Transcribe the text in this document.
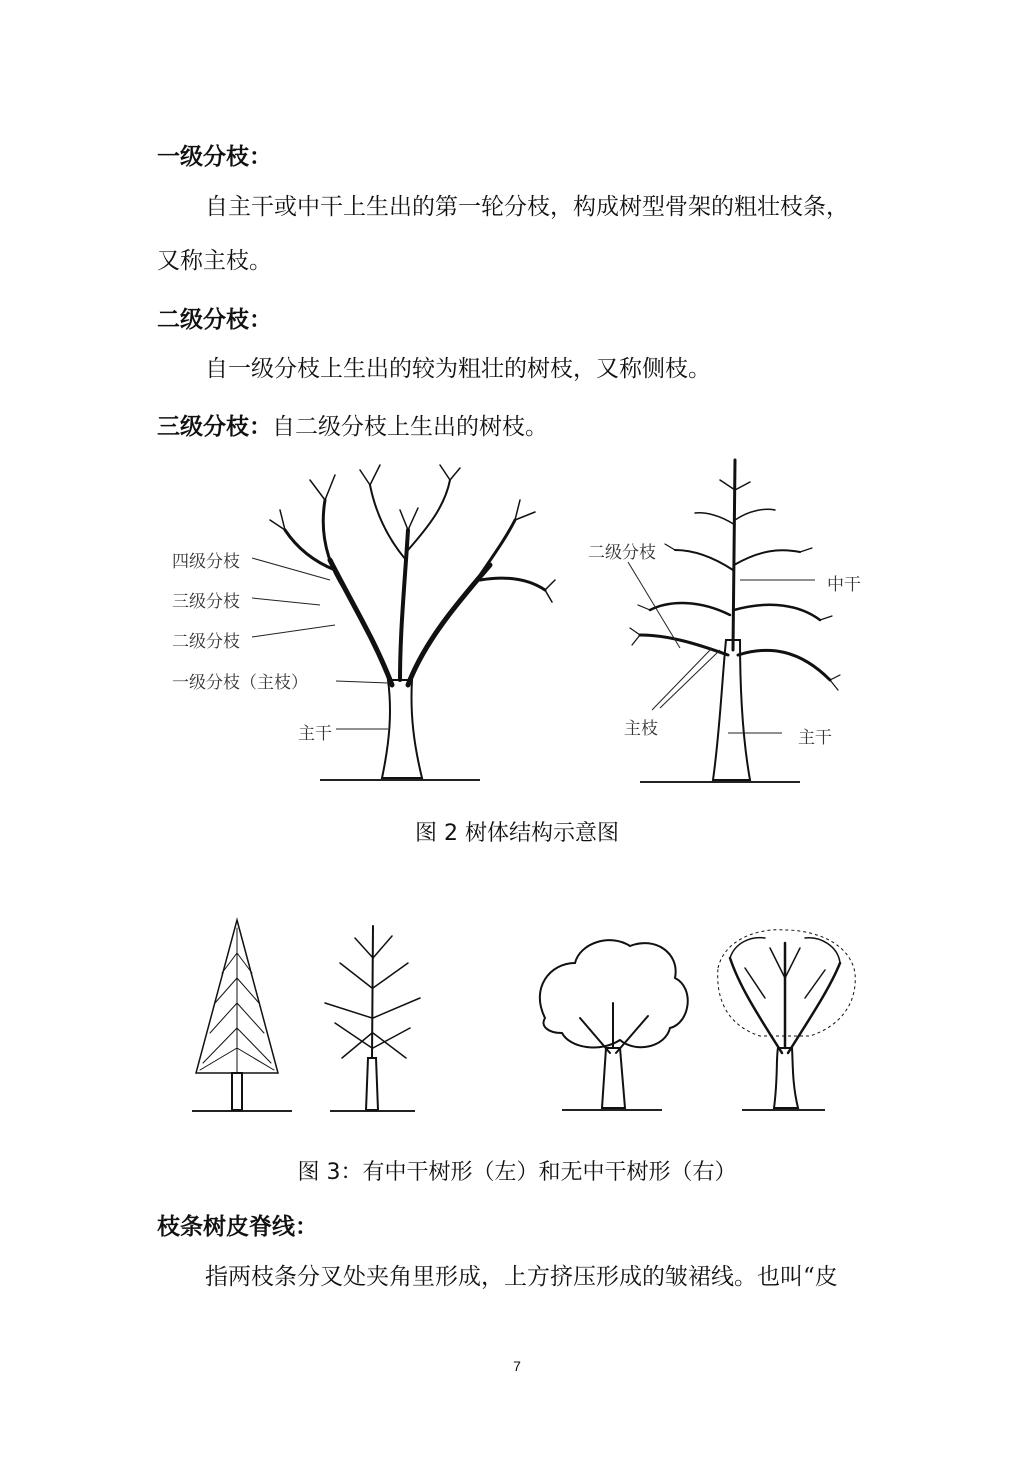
一级分枝：
自主干或中干上生出的第一轮分枝，构成树型骨架的粗壮枝条，
又称主枝。
二级分枝：
自一级分枝上生出的较为粗壮的树枝，又称侧枝。
三级分枝：自二级分枝上生出的树枝。
四级分枝
三级分枝
二级分枝
一级分枝（主枝）
主干
二级分枝
中干
主枝	主干
图 2 树体结构示意图
图 3：有中干树形（左）和无中干树形（右）
枝条树皮脊线：
指两枝条分叉处夹角里形成，上方挤压形成的皱裙线。也叫“皮
7
